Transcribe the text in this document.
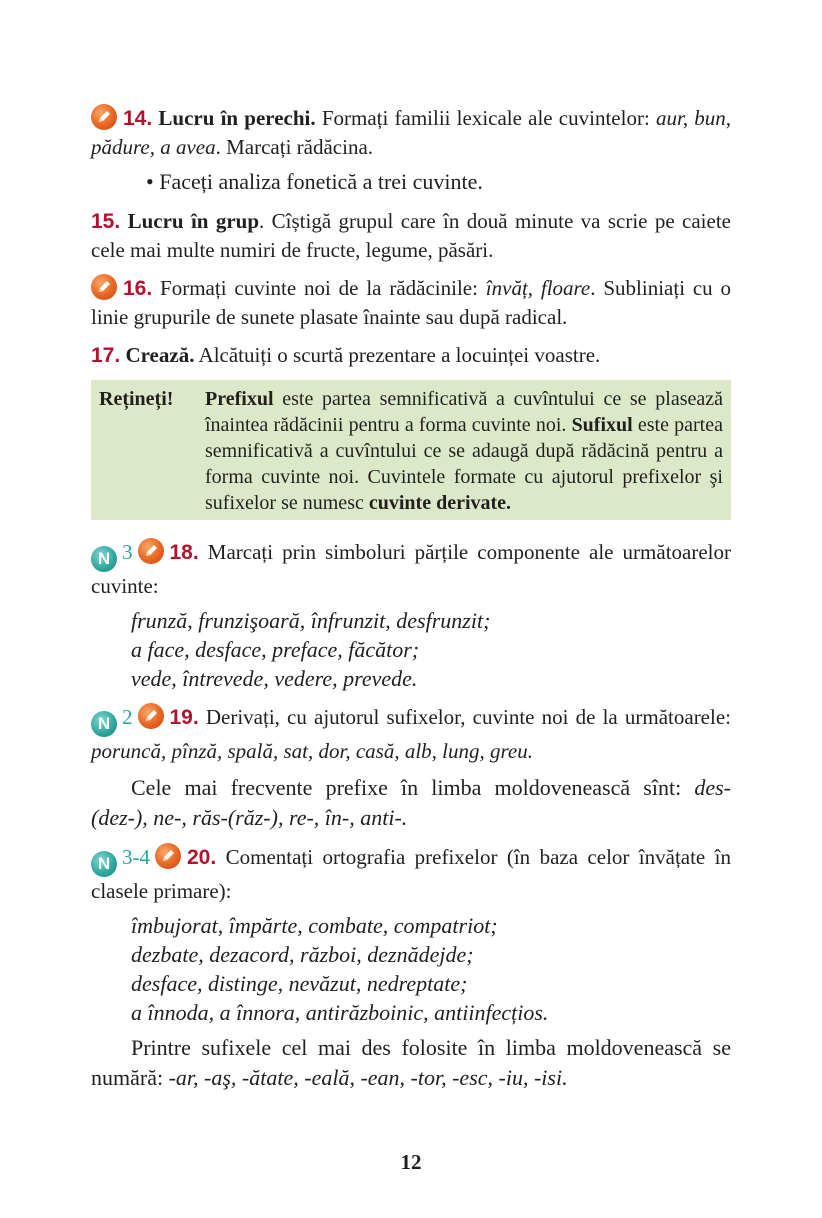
14. Lucru în perechi. Formați familii lexicale ale cuvintelor: aur, bun, pădure, a avea. Marcați rădăcina.
• Faceți analiza fonetică a trei cuvinte.
15. Lucru în grup. Cîștigă grupul care în două minute va scrie pe caiete cele mai multe numiri de fructe, legume, păsări.
16. Formați cuvinte noi de la rădăcinile: învăț, floare. Subliniați cu o linie grupurile de sunete plasate înainte sau după radical.
17. Crează. Alcătuiți o scurtă prezentare a locuinței voastre.
Rețineți!	Prefixul este partea semnificativă a cuvîntului ce se plasează înaintea rădăcinii pentru a forma cuvinte noi. Sufixul este partea semnificativă a cuvîntului ce se adaugă după rădăcină pentru a forma cuvinte noi. Cuvintele formate cu ajutorul prefixelor şi sufixelor se numesc cuvinte derivate.
N 3 18. Marcați prin simboluri părțile componente ale următoarelor cuvinte:
frunză, frunzişoară, înfrunzit, desfrunzit;
a face, desface, preface, făcător;
vede, întrevede, vedere, prevede.
N 2 19. Derivați, cu ajutorul sufixelor, cuvinte noi de la următoarele: poruncă, pînză, spală, sat, dor, casă, alb, lung, greu.
Cele mai frecvente prefixe în limba moldovenească sînt: des- (dez-), ne-, răs-(răz-), re-, în-, anti-.
N 3-4 20. Comentați ortografia prefixelor (în baza celor învățate în clasele primare):
îmbujorat, împărte, combate, compatriot;
dezbate, dezacord, război, deznădejde;
desface, distinge, nevăzut, nedreptate;
a înnoda, a înnora, antirăzboinic, antiinfecțios.
Printre sufixele cel mai des folosite în limba moldovenească se numără: -ar, -aş, -ătate, -eală, -ean, -tor, -esc, -iu, -isi.
12
